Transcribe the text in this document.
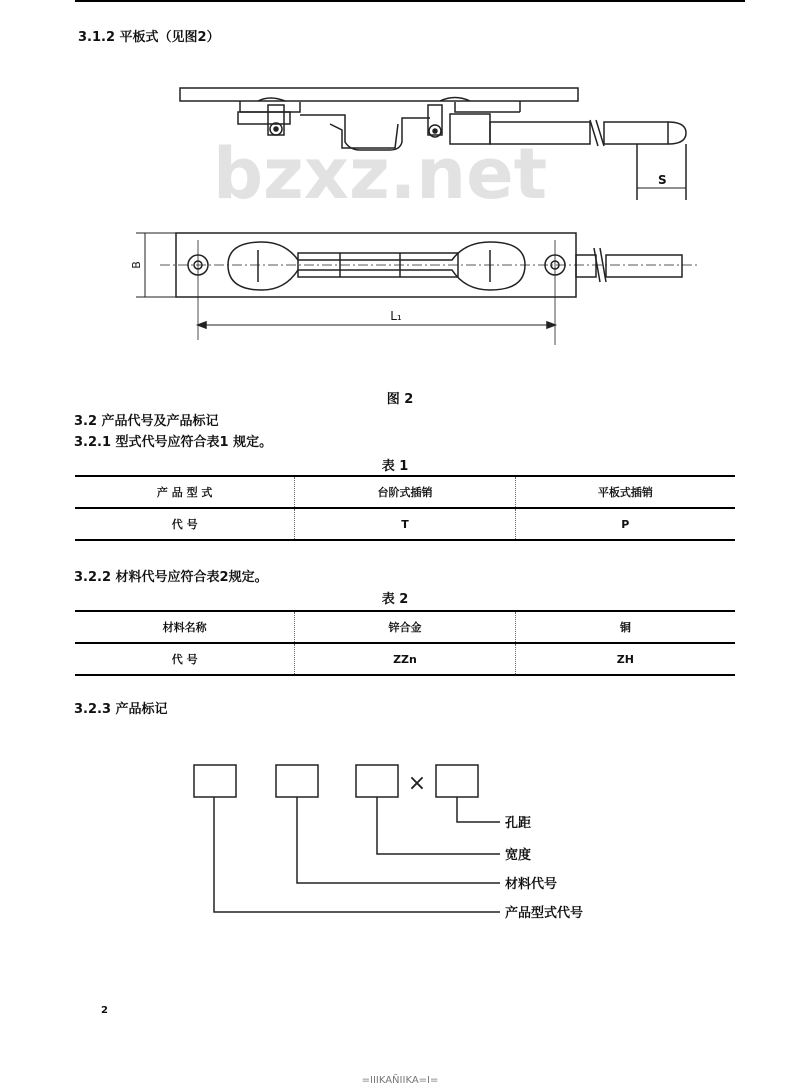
3.1.2 平板式（见图2）
bzxz.net	S
B
L₁
图 2
3.2 产品代号及产品标记
3.2.1 型式代号应符合表1 规定。
表 1
产 品 型 式	台阶式插销	平板式插销
代 号	T	P
3.2.2 材料代号应符合表2规定。
表 2
材料名称	锌合金	铜
代 号	ZZn	ZH
3.2.3 产品标记
×
孔距
宽度
材料代号
产品型式代号
2
=IIIKAÑIIKA=I=
